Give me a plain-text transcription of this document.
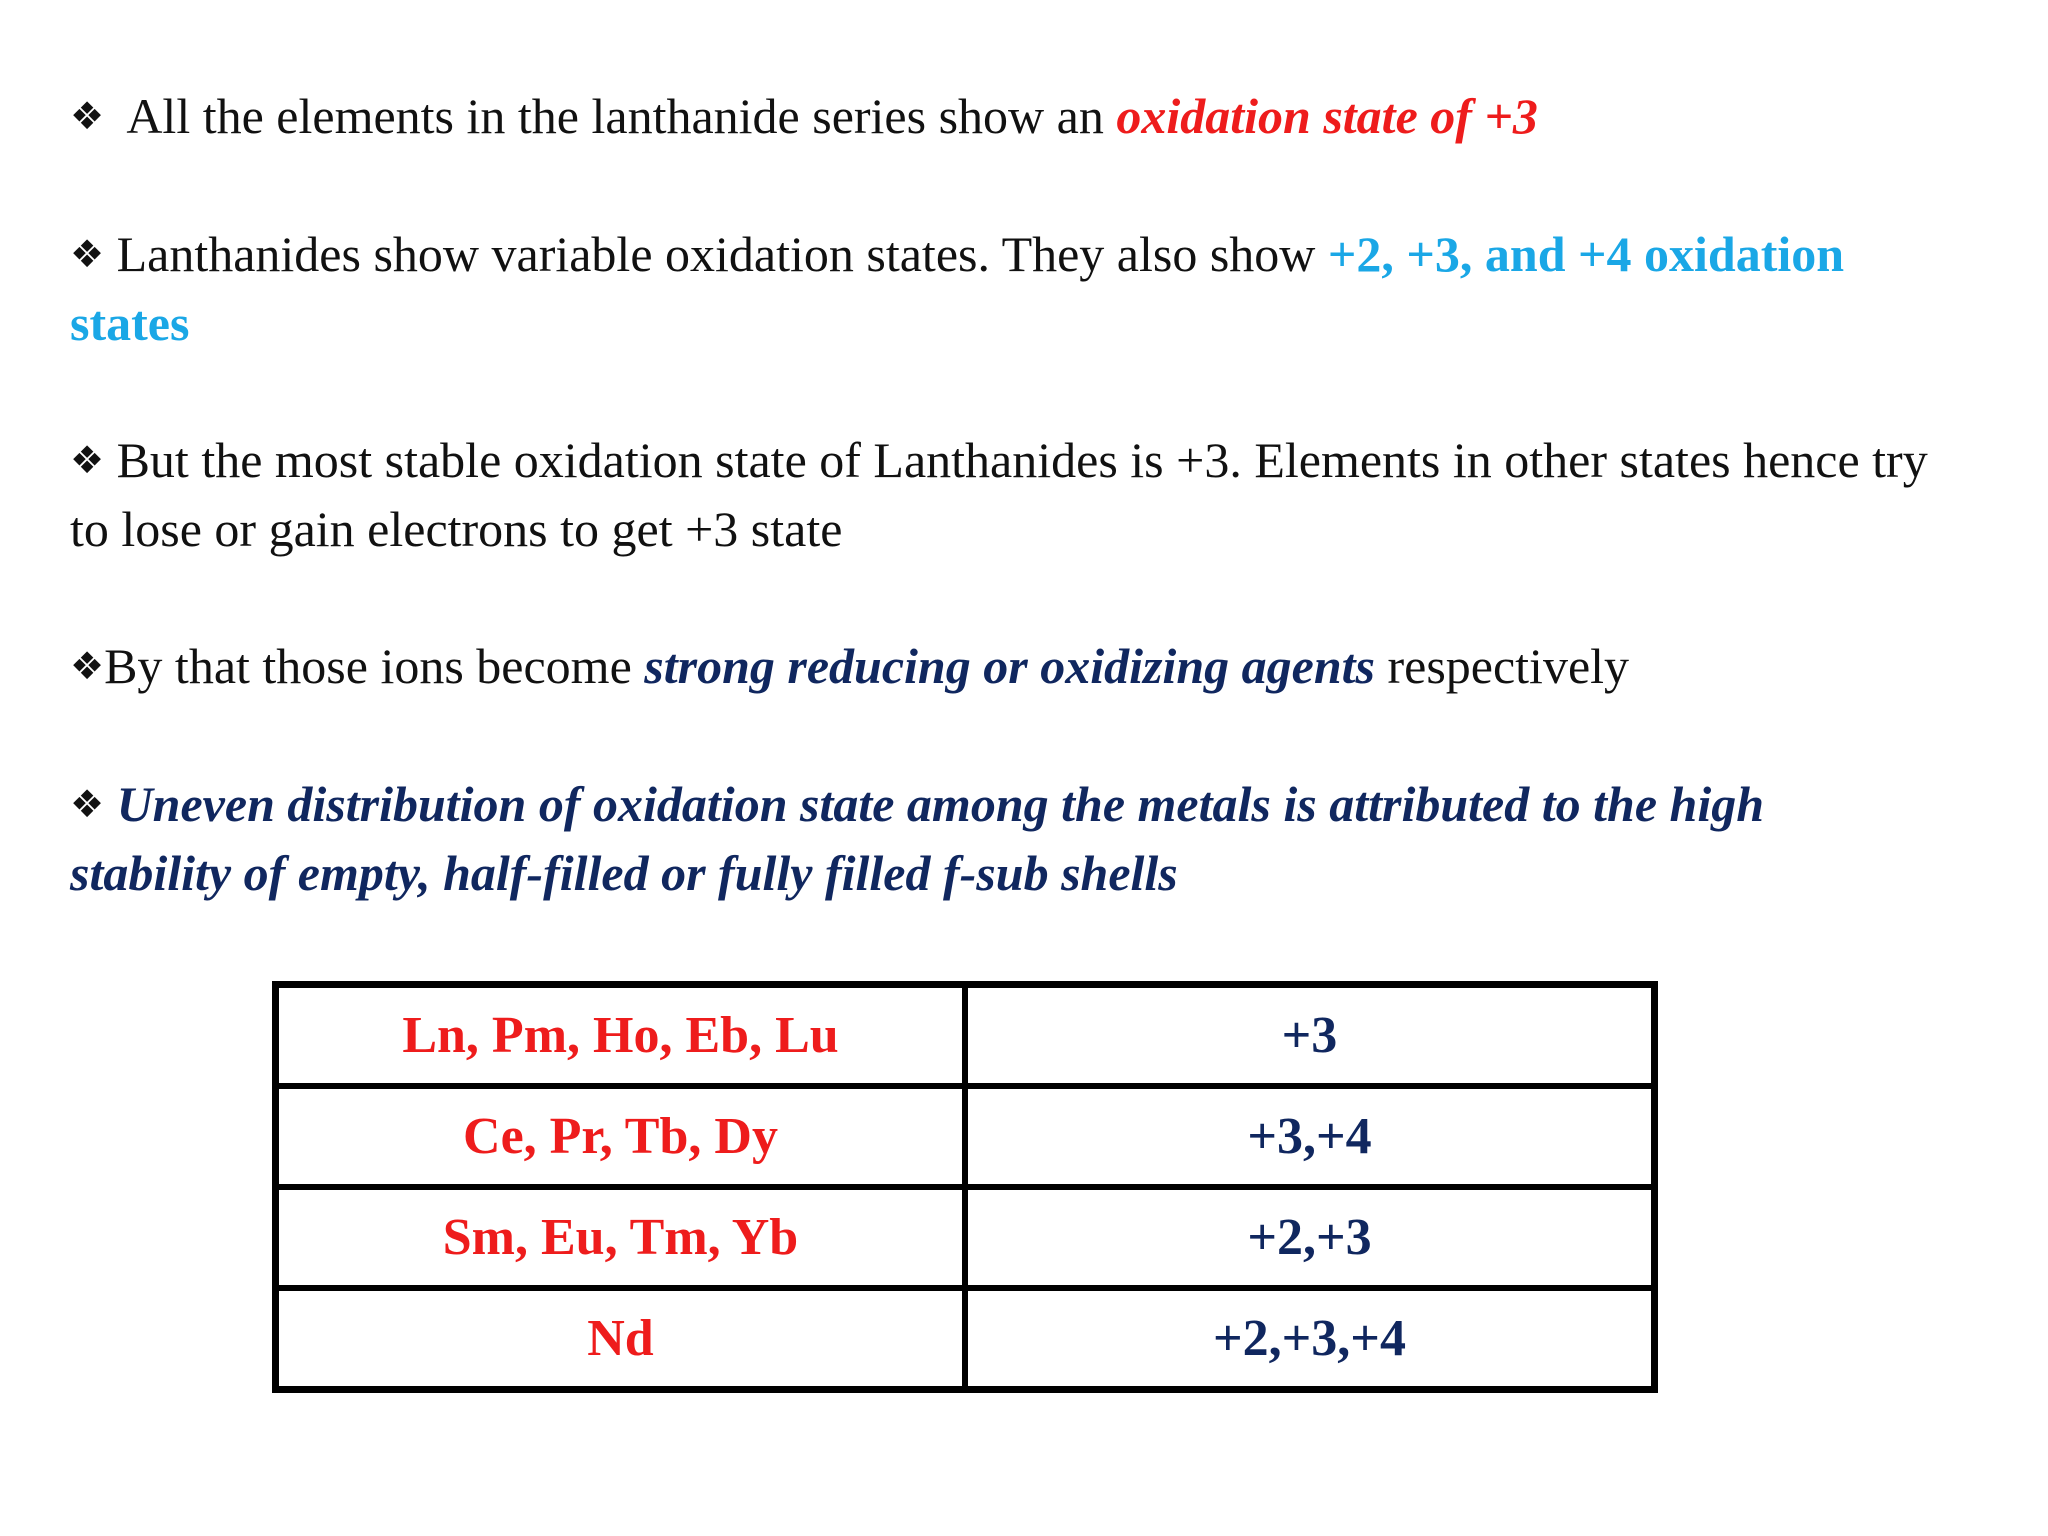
❖ All the elements in the lanthanide series show an oxidation state of +3

❖ Lanthanides show variable oxidation states. They also show +2, +3, and +4 oxidation states

❖ But the most stable oxidation state of Lanthanides is +3. Elements in other states hence try to lose or gain electrons to get +3 state

❖By that those ions become strong reducing or oxidizing agents respectively

❖ Uneven distribution of oxidation state among the metals is attributed to the high stability of empty, half-filled or fully filled f-sub shells

Ln, Pm, Ho, Eb, Lu	+3
Ce, Pr, Tb, Dy	+3,+4
Sm, Eu, Tm, Yb	+2,+3
Nd	+2,+3,+4
